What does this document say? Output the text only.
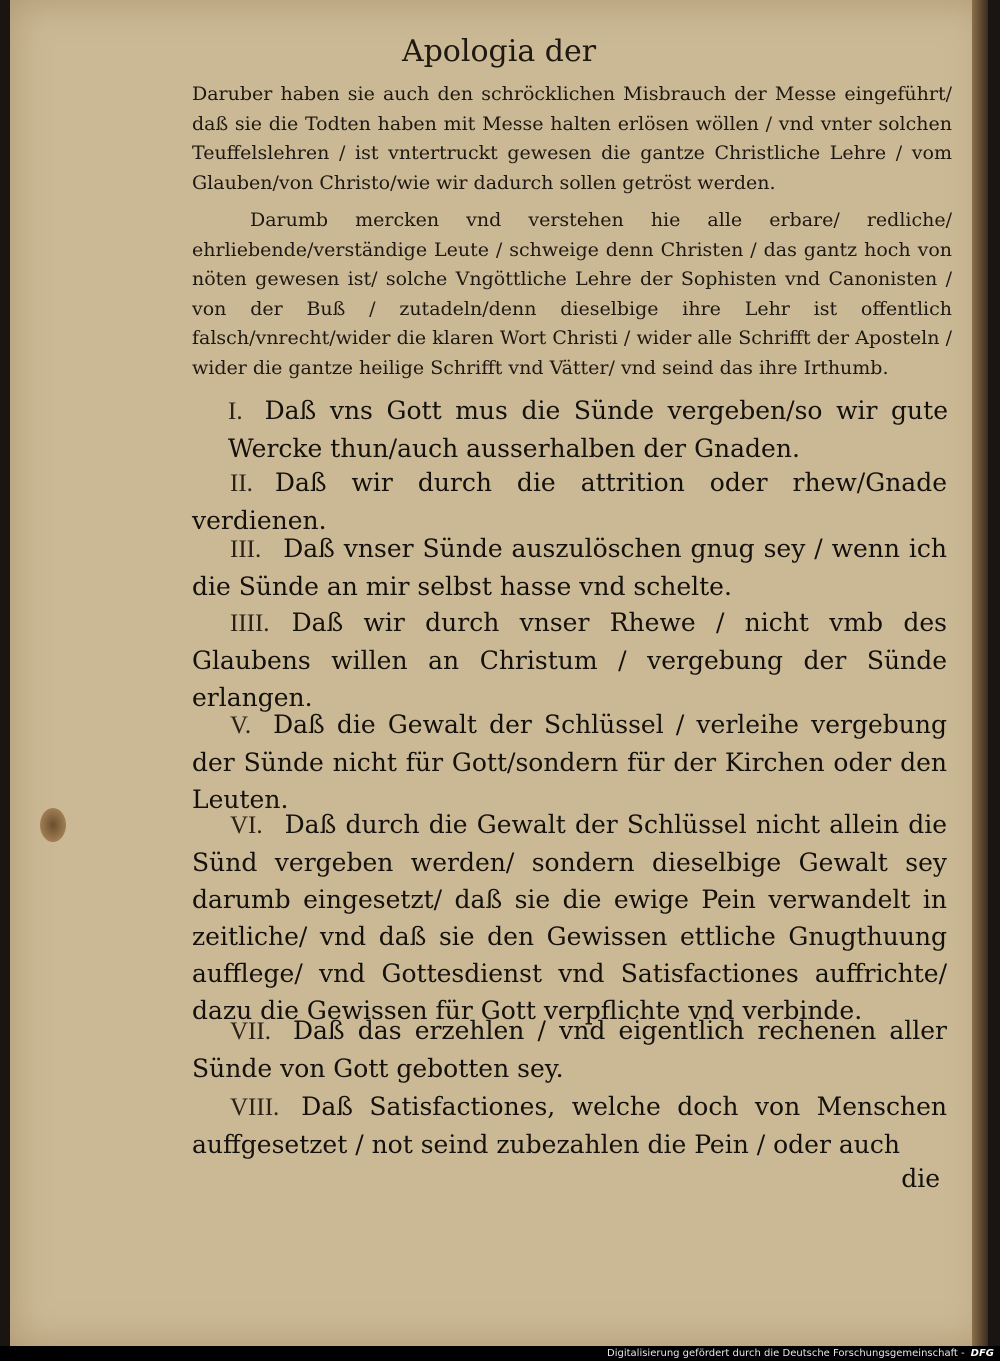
Apologia der
Daruber haben sie auch den schröcklichen Misbrauch der Messe eingeführt/ daß sie die Todten haben mit Messe halten erlösen wöllen / vnd vnter solchen Teuffelslehren / ist vntertruckt gewesen die gantze Christliche Lehre / vom Glauben/von Christo/wie wir dadurch sollen getröst werden.
Darumb mercken vnd verstehen hie alle erbare/ redliche/ ehrliebende/verständige Leute / schweige denn Christen / das gantz hoch von nöten gewesen ist/ solche Vngöttliche Lehre der Sophisten vnd Canonisten / von der Buß / zutadeln/denn dieselbige ihre Lehr ist offentlich falsch/vnrecht/wider die klaren Wort Christi / wider alle Schrifft der Aposteln / wider die gantze heilige Schrifft vnd Vätter/ vnd seind das ihre Irthumb.
I. Daß vns Gott mus die Sünde vergeben/so wir gute Wercke thun/auch ausserhalben der Gnaden.
II. Daß wir durch die attrition oder rhew/Gnade verdienen.
III. Daß vnser Sünde auszulöschen gnug sey / wenn ich die Sünde an mir selbst hasse vnd schelte.
IIII. Daß wir durch vnser Rhewe / nicht vmb des Glaubens willen an Christum / vergebung der Sünde erlangen.
V. Daß die Gewalt der Schlüssel / verleihe vergebung der Sünde nicht für Gott/sondern für der Kirchen oder den Leuten.
VI. Daß durch die Gewalt der Schlüssel nicht allein die Sünd vergeben werden/ sondern dieselbige Gewalt sey darumb eingesetzt/ daß sie die ewige Pein verwandelt in zeitliche/ vnd daß sie den Gewissen ettliche Gnugthuung aufflege/ vnd Gottesdienst vnd Satisfactiones auffrichte/ dazu die Gewissen für Gott verpflichte vnd verbinde.
VII. Daß das erzehlen / vnd eigentlich rechenen aller Sünde von Gott gebotten sey.
VIII. Daß Satisfactiones, welche doch von Menschen auffgesetzet / not seind zubezahlen die Pein / oder auch
die
Digitalisierung gefördert durch die Deutsche Forschungsgemeinschaft - DFG
